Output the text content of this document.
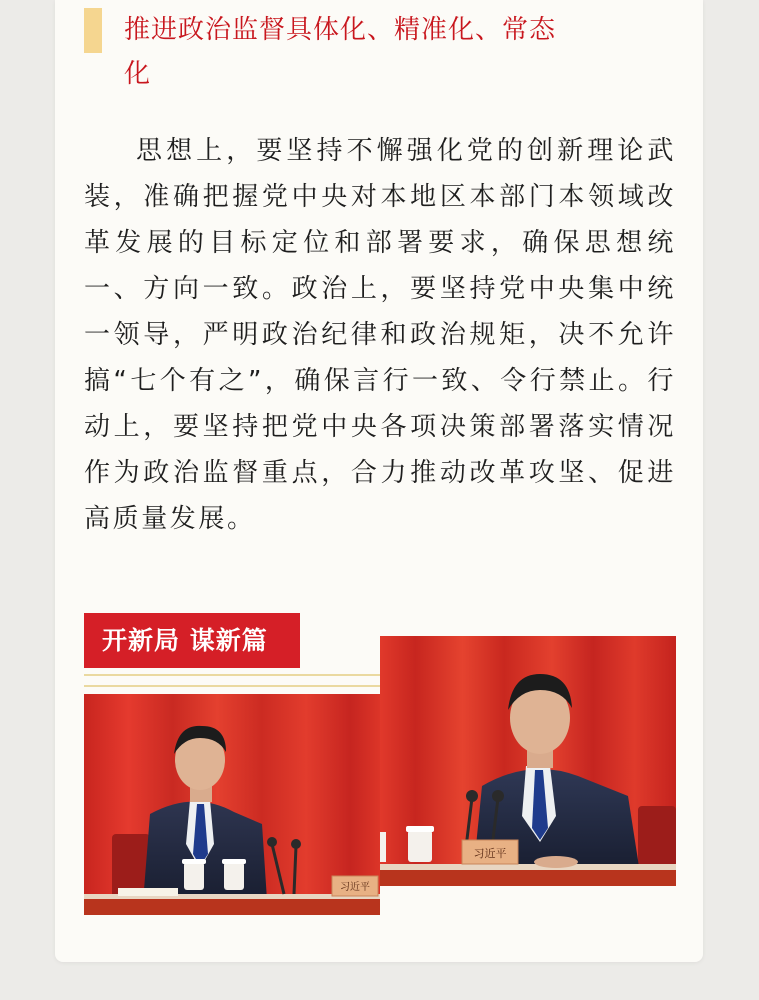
推进政治监督具体化、精准化、常态化

思想上，要坚持不懈强化党的创新理论武装，准确把握党中央对本地区本部门本领域改革发展的目标定位和部署要求，确保思想统一、方向一致。政治上，要坚持党中央集中统一领导，严明政治纪律和政治规矩，决不允许搞“七个有之”，确保言行一致、令行禁止。行动上，要坚持把党中央各项决策部署落实情况作为政治监督重点，合力推动改革攻坚、促进高质量发展。

开新局 谋新篇
习近平
习近平
